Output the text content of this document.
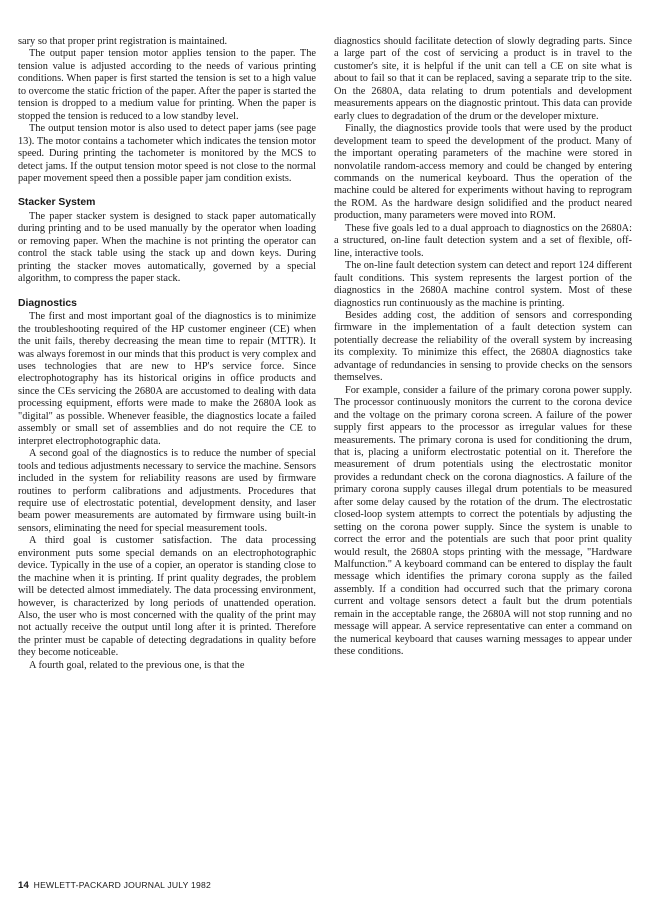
sary so that proper print registration is maintained.

The output paper tension motor applies tension to the paper. The tension value is adjusted according to the needs of various printing conditions. When paper is first started the tension is set to a high value to overcome the static friction of the paper. After the paper is started the tension is dropped to a medium value for printing. When the paper is stopped the tension is reduced to a low standby level.

The output tension motor is also used to detect paper jams (see page 13). The motor contains a tachometer which indicates the tension motor speed. During printing the tachometer is monitored by the MCS to detect jams. If the output tension motor speed is not close to the normal paper movement speed then a possible paper jam condition exists.

Stacker System

The paper stacker system is designed to stack paper automatically during printing and to be used manually by the operator when loading or removing paper. When the machine is not printing the operator can control the stack table using the stack up and down keys. During printing the stacker moves automatically, governed by a special algorithm, to compress the paper stack.

Diagnostics

The first and most important goal of the diagnostics is to minimize the troubleshooting required of the HP customer engineer (CE) when the unit fails, thereby decreasing the mean time to repair (MTTR). It was always foremost in our minds that this product is very complex and uses technologies that are new to HP's service force. Since electrophotography has its historical origins in office products and since the CEs servicing the 2680A are accustomed to dealing with data processing equipment, efforts were made to make the 2680A look as "digital" as possible. Whenever feasible, the diagnostics locate a failed assembly or small set of assemblies and do not require the CE to interpret electrophotographic data.

A second goal of the diagnostics is to reduce the number of special tools and tedious adjustments necessary to service the machine. Sensors included in the system for reliability reasons are used by firmware routines to perform calibrations and adjustments. Procedures that require use of electrostatic potential, development density, and laser beam power measurements are automated by firmware using built-in sensors, eliminating the need for special measurement tools.

A third goal is customer satisfaction. The data processing environment puts some special demands on an electrophotographic device. Typically in the use of a copier, an operator is standing close to the machine when it is printing. If print quality degrades, the problem will be detected almost immediately. The data processing environment, however, is characterized by long periods of unattended operation. Also, the user who is most concerned with the quality of the print may not actually receive the output until long after it is printed. Therefore the printer must be capable of detecting degradations in quality before they become noticeable.

A fourth goal, related to the previous one, is that the

diagnostics should facilitate detection of slowly degrading parts. Since a large part of the cost of servicing a product is in travel to the customer's site, it is helpful if the unit can tell a CE on site what is about to fail so that it can be replaced, saving a separate trip to the site. On the 2680A, data relating to drum potentials and development measurements appears on the diagnostic printout. This data can provide early clues to degradation of the drum or the developer mixture.

Finally, the diagnostics provide tools that were used by the product development team to speed the development of the product. Many of the important operating parameters of the machine were stored in nonvolatile random-access memory and could be changed by entering commands on the numerical keyboard. Thus the operation of the machine could be altered for experiments without having to reprogram the ROM. As the hardware design solidified and the product neared production, many parameters were moved into ROM.

These five goals led to a dual approach to diagnostics on the 2680A: a structured, on-line fault detection system and a set of flexible, off-line, interactive tools.

The on-line fault detection system can detect and report 124 different fault conditions. This system represents the largest portion of the diagnostics in the 2680A machine control system. Most of these diagnostics run continuously as the machine is printing.

Besides adding cost, the addition of sensors and corresponding firmware in the implementation of a fault detection system can potentially decrease the reliability of the overall system by increasing its complexity. To minimize this effect, the 2680A diagnostics take advantage of redundancies in sensing to provide checks on the sensors themselves.

For example, consider a failure of the primary corona power supply. The processor continuously monitors the current to the corona device and the voltage on the primary corona screen. A failure of the power supply first appears to the processor as irregular values for these measurements. The primary corona is used for conditioning the drum, that is, placing a uniform electrostatic potential on it. Therefore the measurement of drum potentials using the electrostatic monitor provides a redundant check on the corona diagnostics. A failure of the primary corona supply causes illegal drum potentials to be measured after some delay caused by the rotation of the drum. The electrostatic closed-loop system attempts to correct the potentials by adjusting the setting on the corona power supply. Since the system is unable to correct the error and the potentials are such that poor print quality would result, the 2680A stops printing with the message, "Hardware Malfunction." A keyboard command can be entered to display the fault message which identifies the primary corona supply as the failed assembly. If a condition had occurred such that the primary corona current and voltage sensors detect a fault but the drum potentials remain in the acceptable range, the 2680A will not stop running and no message will appear. A service representative can enter a command on the numerical keyboard that causes warning messages to appear under these conditions.

14 HEWLETT-PACKARD JOURNAL JULY 1982
